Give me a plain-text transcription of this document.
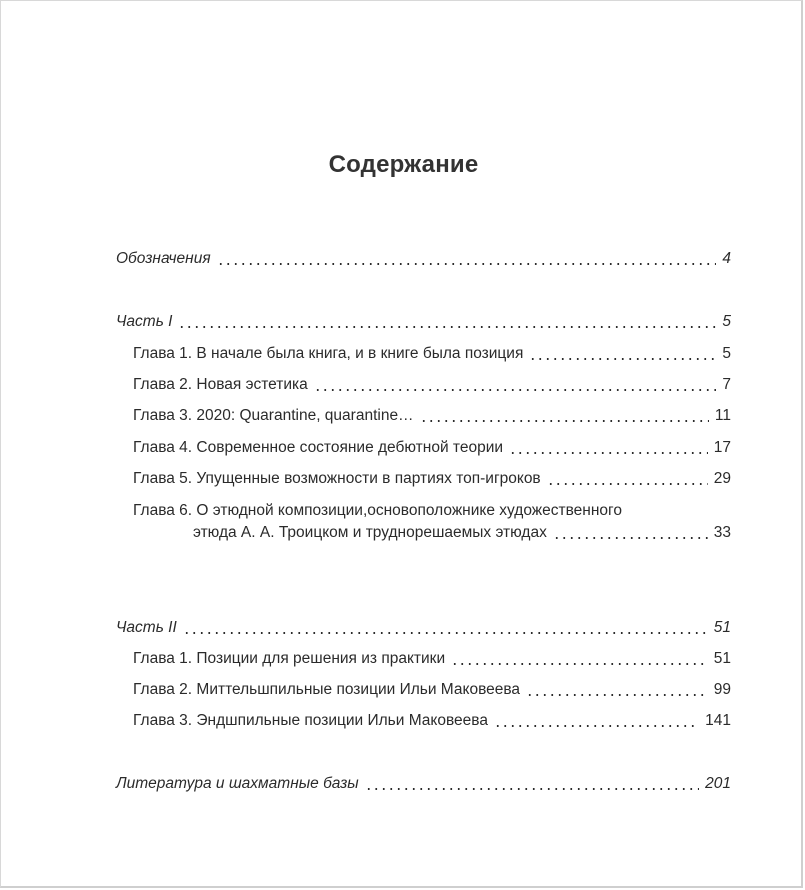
Содержание
Обозначения	4
Часть I	5
Глава 1. В начале была книга, и в книге была позиция	5
Глава 2. Новая эстетика	7
Глава 3. 2020: Quarantine, quarantine…	11
Глава 4. Современное состояние дебютной теории	17
Глава 5. Упущенные возможности в партиях топ-игроков	29
Глава 6. О этюдной композиции,основоположнике художественного
этюда А. А. Троицком и труднорешаемых этюдах	33
Часть II	51
Глава 1. Позиции для решения из практики	51
Глава 2. Миттельшпильные позиции Ильи Маковеева	99
Глава 3. Эндшпильные позиции Ильи Маковеева	141
Литература и шахматные базы	201
